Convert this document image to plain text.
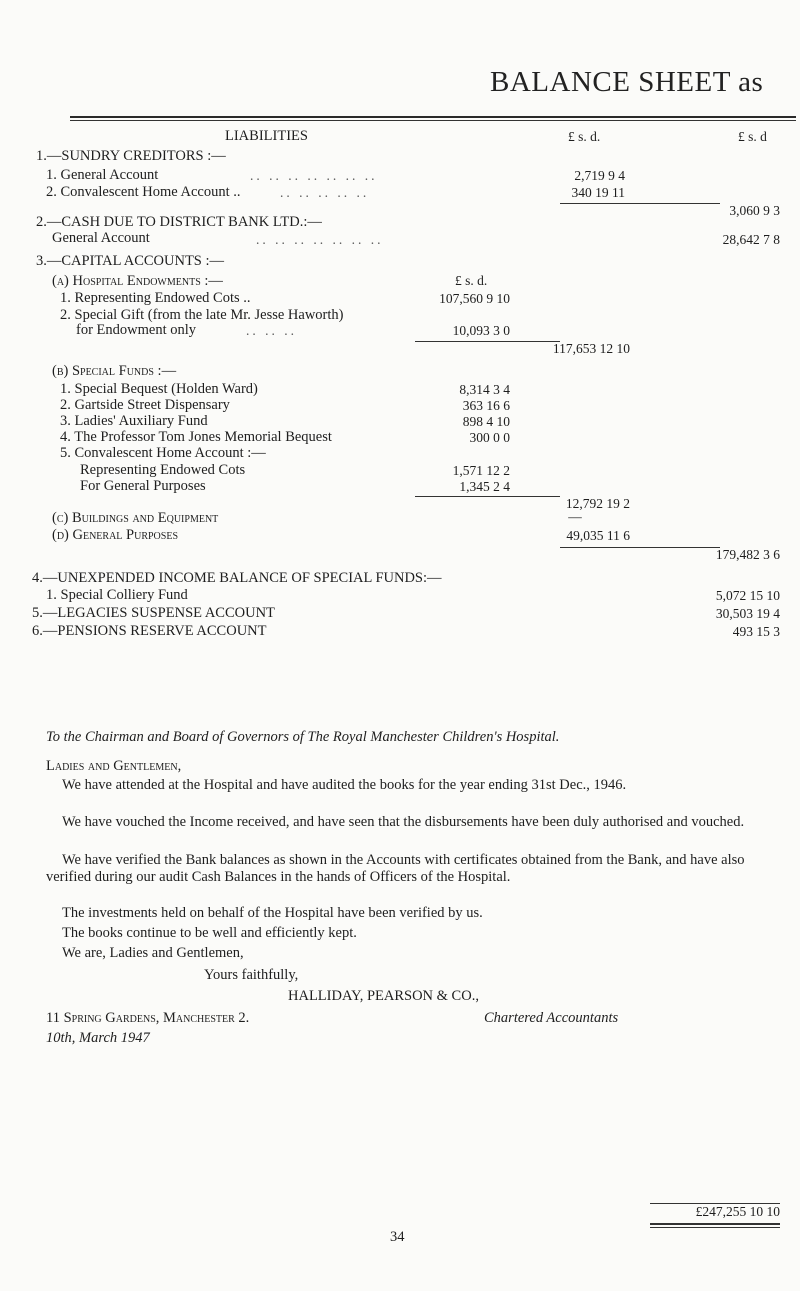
BALANCE SHEET as
LIABILITIES	£ s. d.	£ s. d
1.—SUNDRY CREDITORS :—
1. General Account	.. .. .. .. .. .. ..	2,719 9 4
2. Convalescent Home Account ..	.. .. .. .. ..	340 19 11
3,060 9 3
2.—CASH DUE TO DISTRICT BANK LTD.:—
General Account	.. .. .. .. .. .. ..	28,642 7 8
3.—CAPITAL ACCOUNTS :—
(a) Hospital Endowments :—	£ s. d.
1. Representing Endowed Cots ..	107,560 9 10
2. Special Gift (from the late Mr. Jesse Haworth)
for Endowment only	.. .. ..	10,093 3 0
117,653 12 10
(b) Special Funds :—
1. Special Bequest (Holden Ward)	8,314 3 4
2. Gartside Street Dispensary	363 16 6
3. Ladies' Auxiliary Fund	898 4 10
4. The Professor Tom Jones Memorial Bequest	300 0 0
5. Convalescent Home Account :—
Representing Endowed Cots	1,571 12 2
For General Purposes	1,345 2 4
12,792 19 2
(c) Buildings and Equipment	—
(d) General Purposes	49,035 11 6
179,482 3 6
4.—UNEXPENDED INCOME BALANCE OF SPECIAL FUNDS:—
1. Special Colliery Fund	5,072 15 10
5.—LEGACIES SUSPENSE ACCOUNT	30,503 19 4
6.—PENSIONS RESERVE ACCOUNT	493 15 3
To the Chairman and Board of Governors of The Royal Manchester Children's Hospital.
Ladies and Gentlemen,
We have attended at the Hospital and have audited the books for the year ending 31st Dec., 1946.
We have vouched the Income received, and have seen that the disbursements have been duly authorised and vouched.
We have verified the Bank balances as shown in the Accounts with certificates obtained from the Bank, and have also verified during our audit Cash Balances in the hands of Officers of the Hospital.
The investments held on behalf of the Hospital have been verified by us.
The books continue to be well and efficiently kept.
We are, Ladies and Gentlemen,
Yours faithfully,
HALLIDAY, PEARSON & CO.,
11 Spring Gardens, Manchester 2.	Chartered Accountants
10th, March 1947
£247,255 10 10
34
